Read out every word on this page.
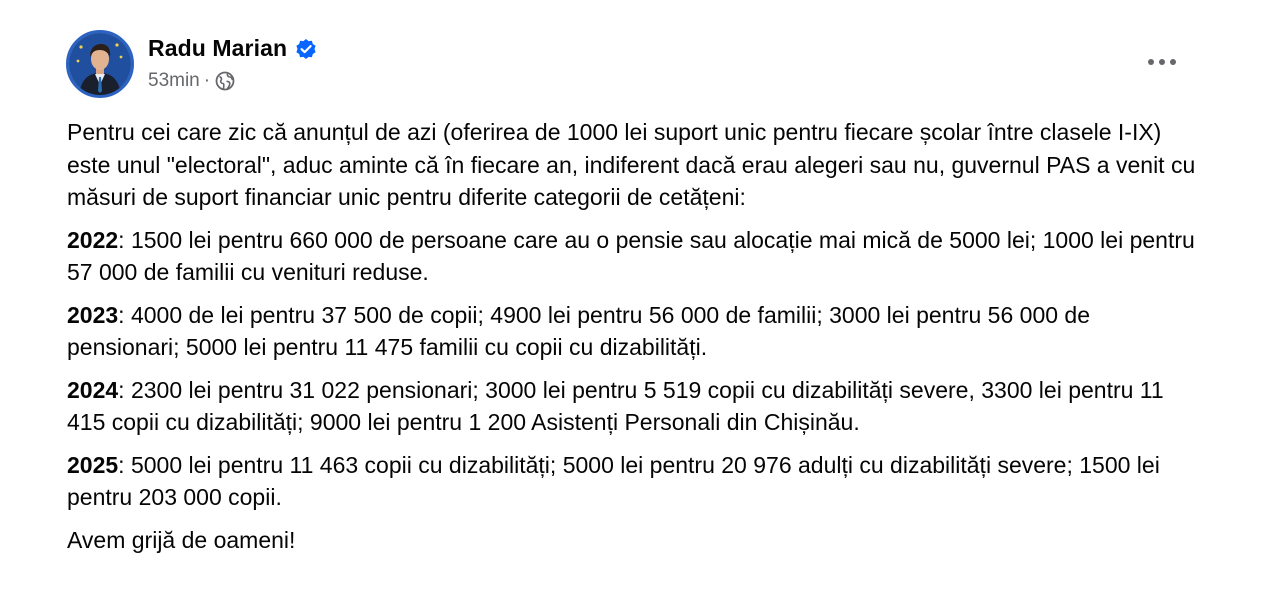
Radu Marian
53min ·

Pentru cei care zic că anunțul de azi (oferirea de 1000 lei suport unic pentru fiecare școlar între clasele I-IX) este unul "electoral", aduc aminte că în fiecare an, indiferent dacă erau alegeri sau nu, guvernul PAS a venit cu măsuri de suport financiar unic pentru diferite categorii de cetățeni:

2022: 1500 lei pentru 660 000 de persoane care au o pensie sau alocație mai mică de 5000 lei; 1000 lei pentru 57 000 de familii cu venituri reduse.

2023: 4000 de lei pentru 37 500 de copii; 4900 lei pentru 56 000 de familii; 3000 lei pentru 56 000 de pensionari; 5000 lei pentru 11 475 familii cu copii cu dizabilități.

2024: 2300 lei pentru 31 022 pensionari; 3000 lei pentru 5 519 copii cu dizabilități severe, 3300 lei pentru 11 415 copii cu dizabilități; 9000 lei pentru 1 200 Asistenți Personali din Chișinău.

2025: 5000 lei pentru 11 463 copii cu dizabilități; 5000 lei pentru 20 976 adulți cu dizabilități severe; 1500 lei pentru 203 000 copii.

Avem grijă de oameni!
